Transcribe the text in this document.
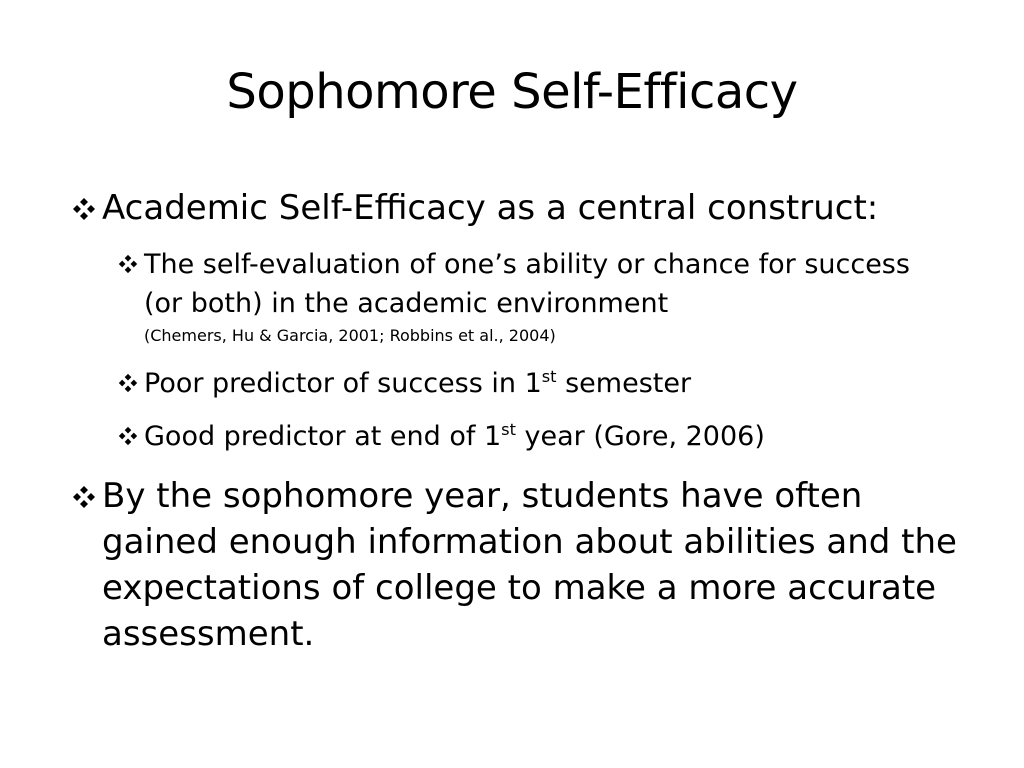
Sophomore Self-Efficacy
Academic Self-Efficacy as a central construct:
The self-evaluation of one’s ability or chance for success (or both) in the academic environment
(Chemers, Hu & Garcia, 2001; Robbins et al., 2004)
Poor predictor of success in 1st semester
Good predictor at end of 1st year (Gore, 2006)
By the sophomore year, students have often gained enough information about abilities and the expectations of college to make a more accurate assessment.
